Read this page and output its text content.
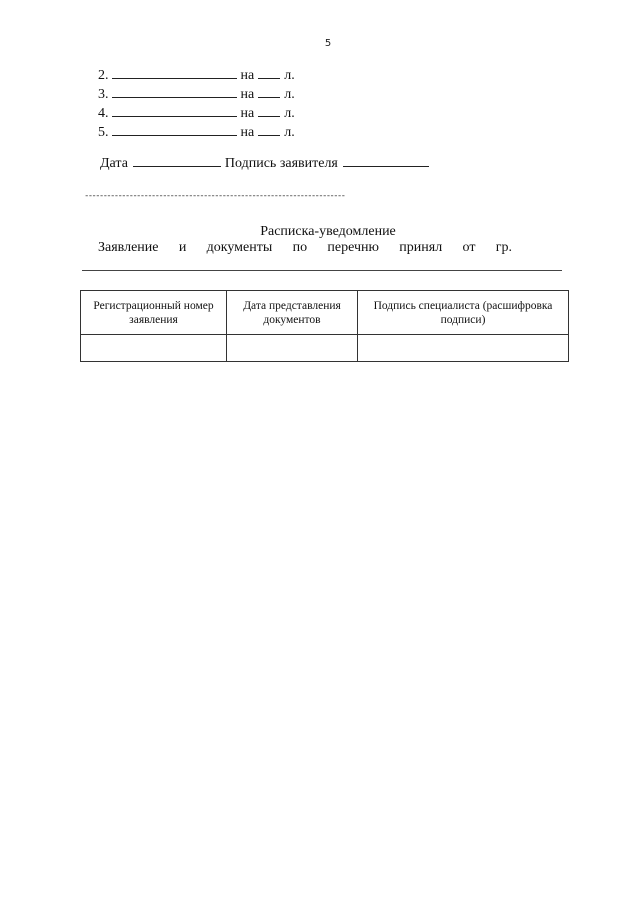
5
2.	на л.
3.	на л.
4.	на л.
5.	на л.
Дата	Подпись заявителя
----------------------------------------------------------------------
Расписка-уведомление
Заявление и документы по перечню принял от гр.
Регистрационный номер заявления	Дата представления документов	Подпись специалиста (расшифровка подписи)
